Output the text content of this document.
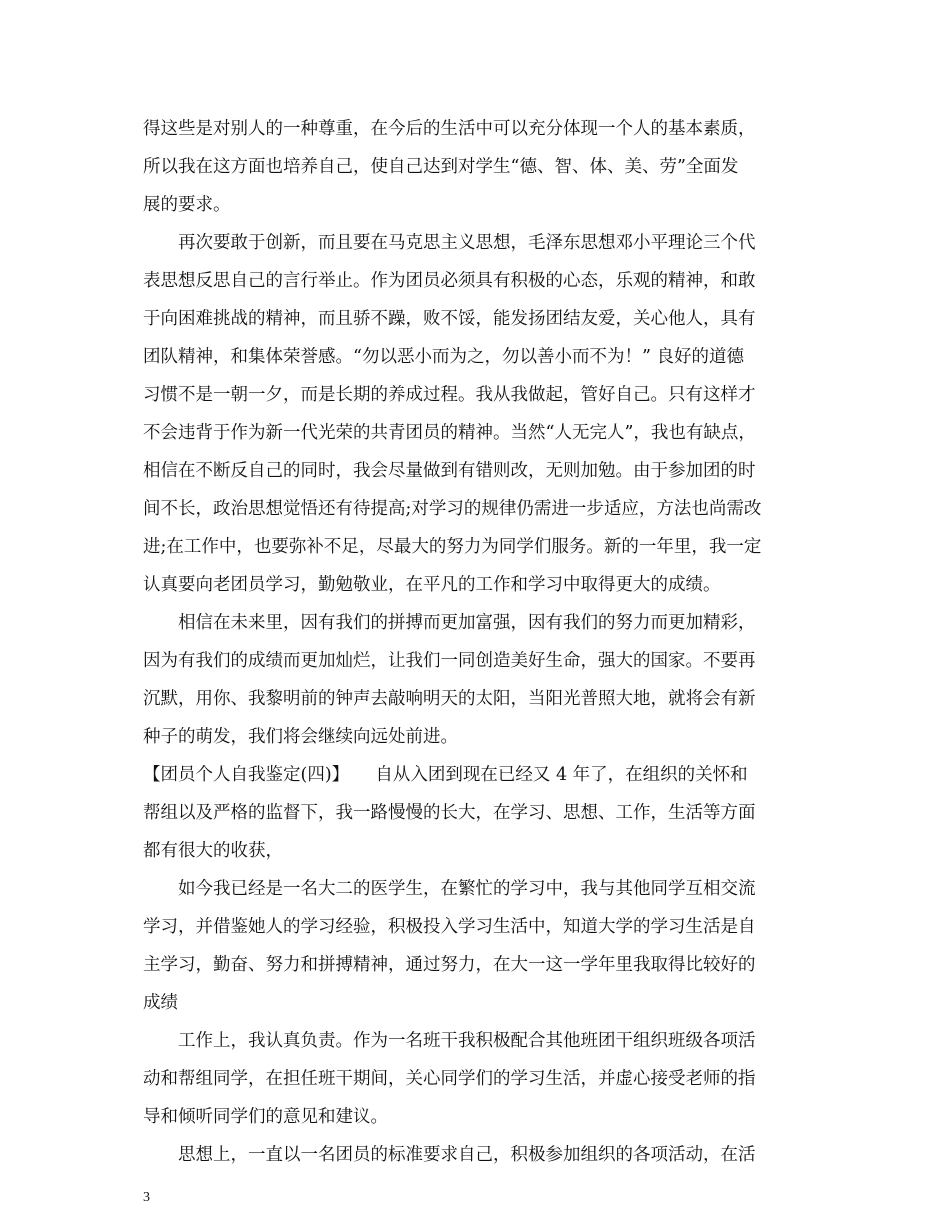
得这些是对别人的一种尊重，在今后的生活中可以充分体现一个人的基本素质，
所以我在这方面也培养自己，使自己达到对学生“德、智、体、美、劳”全面发
展的要求。
再次要敢于创新，而且要在马克思主义思想，毛泽东思想邓小平理论三个代
表思想反思自己的言行举止。作为团员必须具有积极的心态，乐观的精神，和敢
于向困难挑战的精神，而且骄不躁，败不馁，能发扬团结友爱，关心他人，具有
团队精神，和集体荣誉感。“勿以恶小而为之，勿以善小而不为！” 良好的道德
习惯不是一朝一夕，而是长期的养成过程。我从我做起，管好自己。只有这样才
不会违背于作为新一代光荣的共青团员的精神。当然“人无完人”，我也有缺点，
相信在不断反自己的同时，我会尽量做到有错则改，无则加勉。由于参加团的时
间不长，政治思想觉悟还有待提高;对学习的规律仍需进一步适应，方法也尚需改
进;在工作中，也要弥补不足，尽最大的努力为同学们服务。新的一年里，我一定
认真要向老团员学习，勤勉敬业，在平凡的工作和学习中取得更大的成绩。
相信在未来里，因有我们的拼搏而更加富强，因有我们的努力而更加精彩，
因为有我们的成绩而更加灿烂，让我们一同创造美好生命，强大的国家。不要再
沉默，用你、我黎明前的钟声去敲响明天的太阳，当阳光普照大地，就将会有新
种子的萌发，我们将会继续向远处前进。
【团员个人自我鉴定(四)】　　自从入团到现在已经又 4 年了，在组织的关怀和
帮组以及严格的监督下，我一路慢慢的长大，在学习、思想、工作，生活等方面
都有很大的收获，
如今我已经是一名大二的医学生，在繁忙的学习中，我与其他同学互相交流
学习，并借鉴她人的学习经验，积极投入学习生活中，知道大学的学习生活是自
主学习，勤奋、努力和拼搏精神，通过努力，在大一这一学年里我取得比较好的
成绩
工作上，我认真负责。作为一名班干我积极配合其他班团干组织班级各项活
动和帮组同学，在担任班干期间，关心同学们的学习生活，并虚心接受老师的指
导和倾听同学们的意见和建议。
思想上，一直以一名团员的标准要求自己，积极参加组织的各项活动，在活
3
